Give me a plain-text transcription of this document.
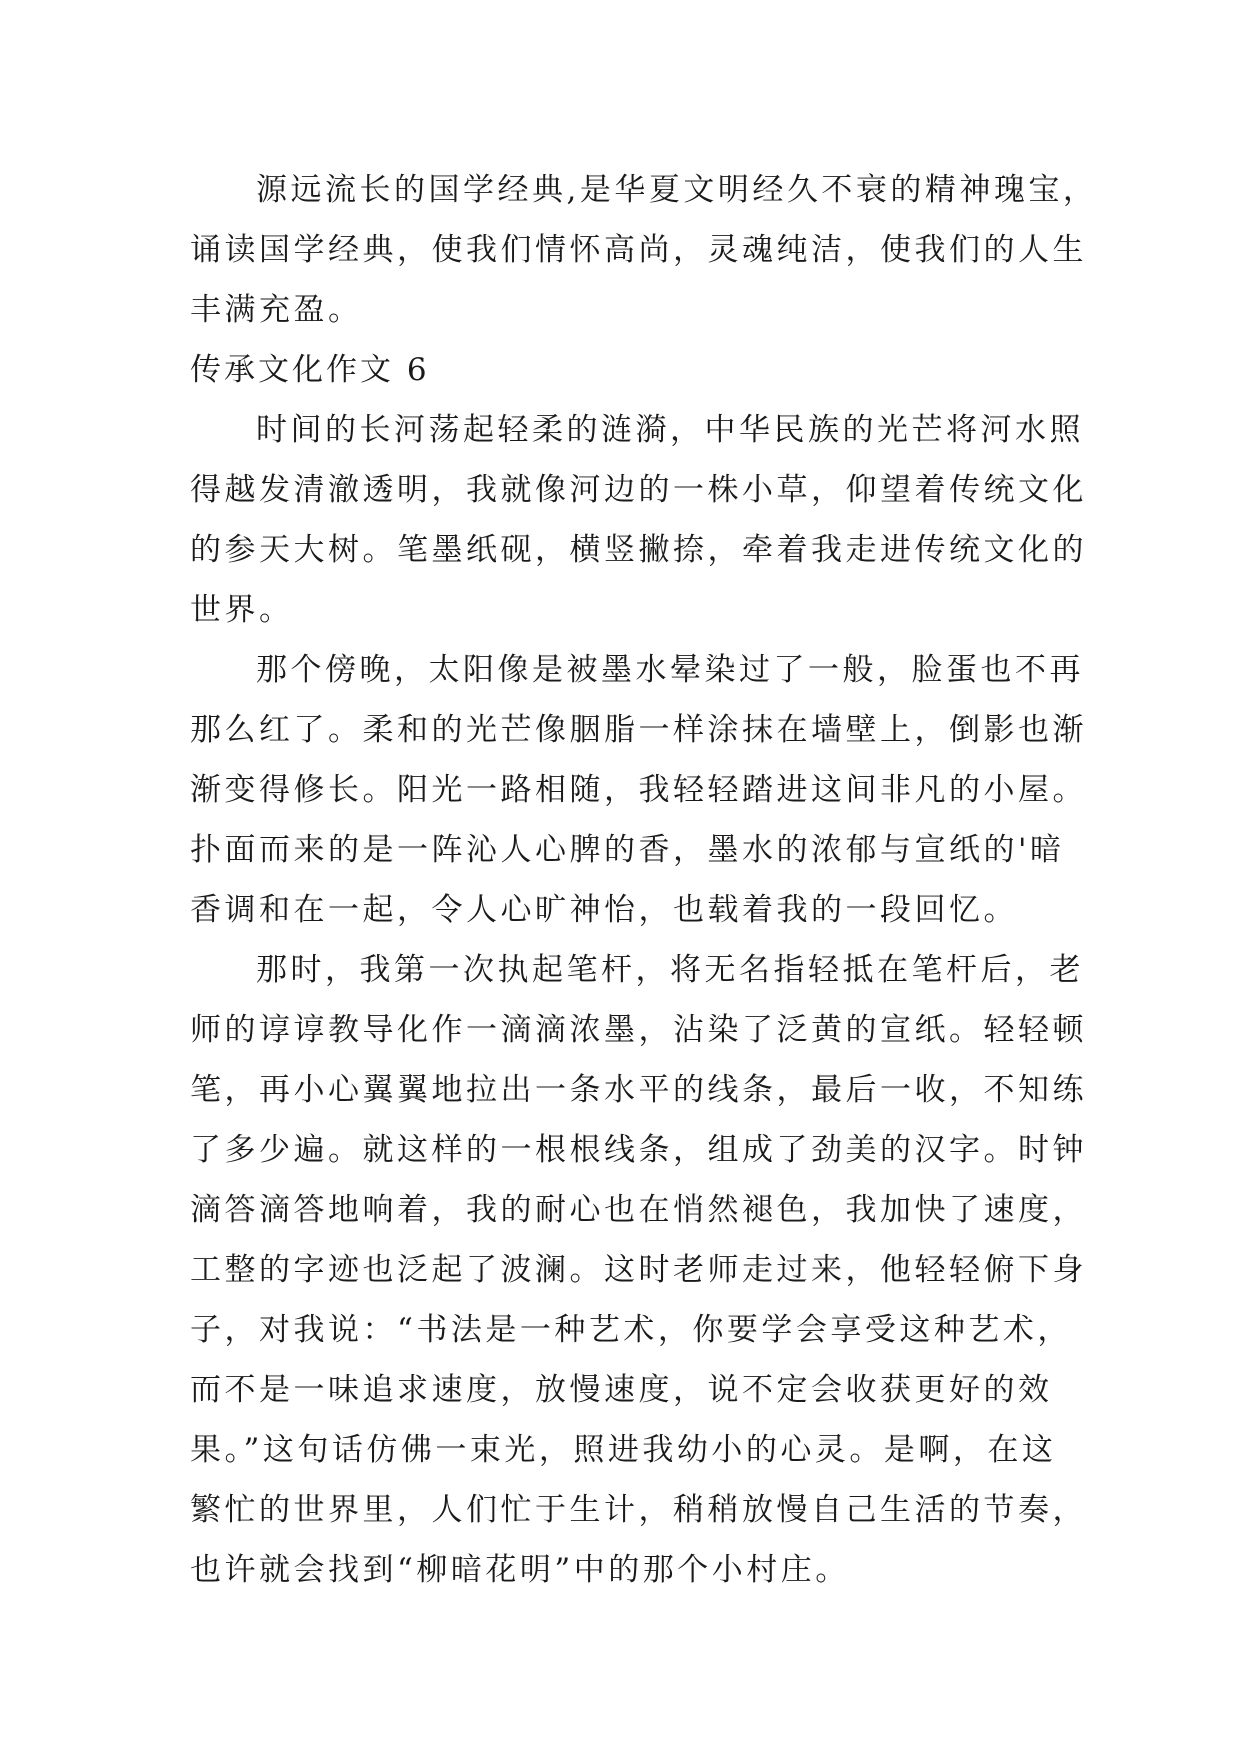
源远流长的国学经典,是华夏文明经久不衰的精神瑰宝，
诵读国学经典，使我们情怀高尚，灵魂纯洁，使我们的人生
丰满充盈。
传承文化作文 6
时间的长河荡起轻柔的涟漪，中华民族的光芒将河水照
得越发清澈透明，我就像河边的一株小草，仰望着传统文化
的参天大树。笔墨纸砚，横竖撇捺，牵着我走进传统文化的
世界。
那个傍晚，太阳像是被墨水晕染过了一般，脸蛋也不再
那么红了。柔和的光芒像胭脂一样涂抹在墙壁上，倒影也渐
渐变得修长。阳光一路相随，我轻轻踏进这间非凡的小屋。
扑面而来的是一阵沁人心脾的香，墨水的浓郁与宣纸的'暗
香调和在一起，令人心旷神怡，也载着我的一段回忆。
那时，我第一次执起笔杆，将无名指轻抵在笔杆后，老
师的谆谆教导化作一滴滴浓墨，沾染了泛黄的宣纸。轻轻顿
笔，再小心翼翼地拉出一条水平的线条，最后一收，不知练
了多少遍。就这样的一根根线条，组成了劲美的汉字。时钟
滴答滴答地响着，我的耐心也在悄然褪色，我加快了速度，
工整的字迹也泛起了波澜。这时老师走过来，他轻轻俯下身
子，对我说：“书法是一种艺术，你要学会享受这种艺术，
而不是一味追求速度，放慢速度，说不定会收获更好的效
果。”这句话仿佛一束光，照进我幼小的心灵。是啊，在这
繁忙的世界里，人们忙于生计，稍稍放慢自己生活的节奏，
也许就会找到“柳暗花明”中的那个小村庄。
